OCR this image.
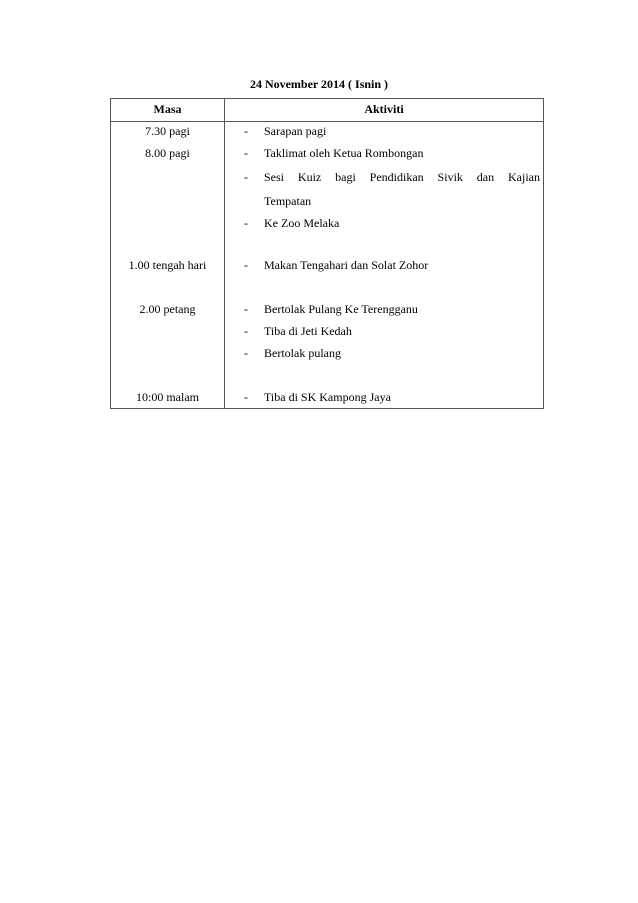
24 November 2014 ( Isnin )
Masa	Aktiviti
7.30 pagi	-	Sarapan pagi
8.00 pagi	-	Taklimat oleh Ketua Rombongan
-	Sesi Kuiz bagi Pendidikan Sivik dan Kajian
Tempatan
-	Ke Zoo Melaka
1.00 tengah hari	-	Makan Tengahari dan Solat Zohor
2.00 petang	-	Bertolak Pulang Ke Terengganu
-	Tiba di Jeti Kedah
-	Bertolak pulang
10:00 malam	-	Tiba di SK Kampong Jaya
